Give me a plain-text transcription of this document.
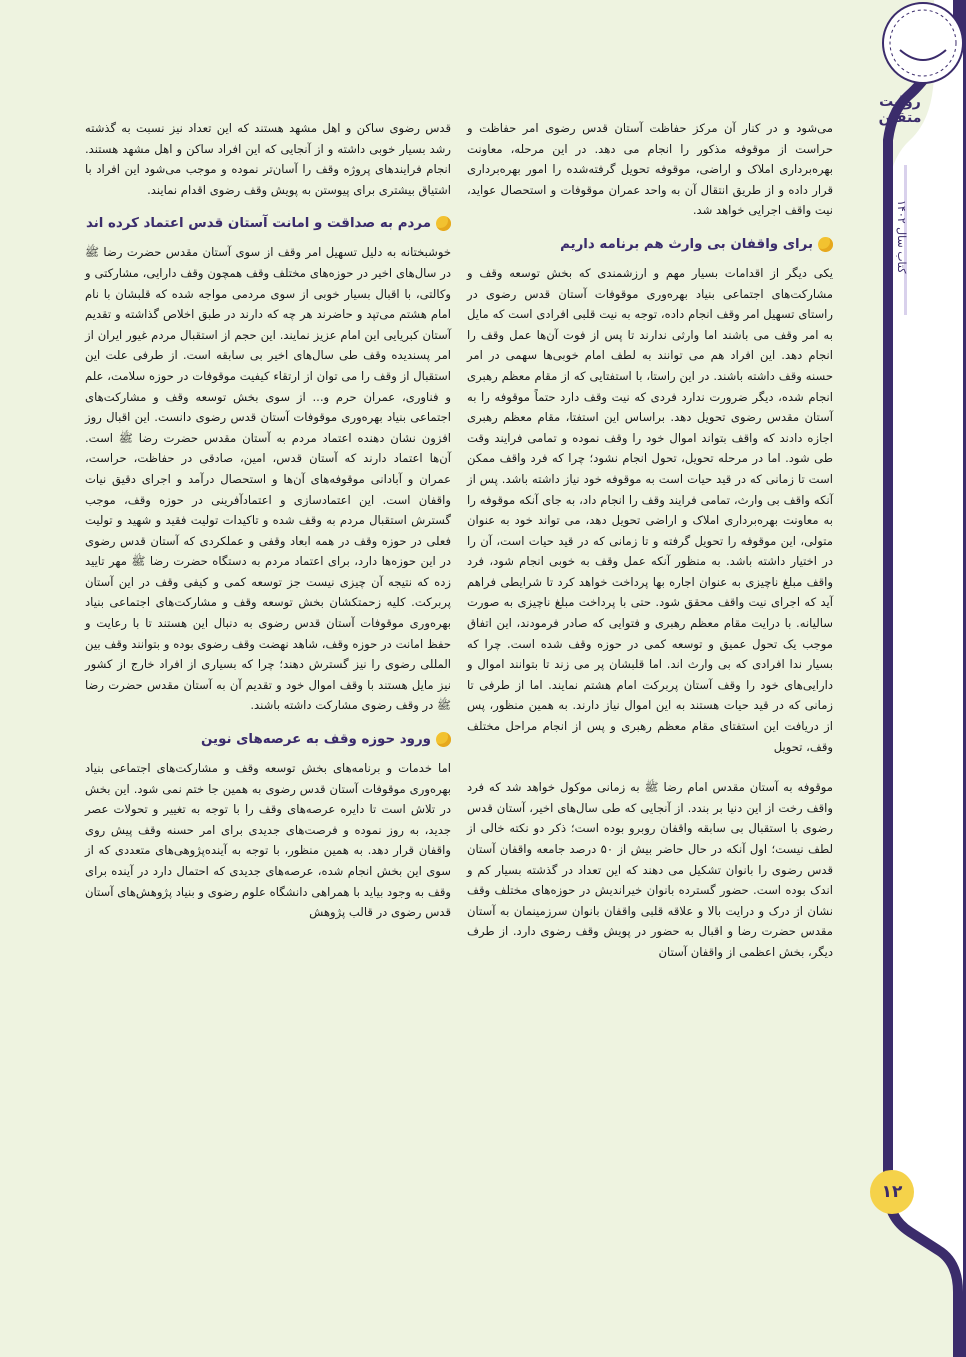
روایت متقین
کتاب سال ۱۴۰۲
۱۲

می‌شود و در کنار آن مرکز حفاظت آستان قدس رضوی امر حفاظت و حراست از موقوفه مذکور را انجام می دهد. در این مرحله، معاونت بهره‌برداری املاک و اراضی، موقوفه تحویل گرفته‌شده را امور بهره‌برداری قرار داده و از طریق انتقال آن به واحد عمران موقوفات و استحصال عواید، نیت واقف اجرایی خواهد شد.

برای واقفان بی وارث هم برنامه داریم

یکی دیگر از اقدامات بسیار مهم و ارزشمندی که بخش توسعه وقف و مشارکت‌های اجتماعی بنیاد بهره‌وری موقوفات آستان قدس رضوی در راستای تسهیل امر وقف انجام داده، توجه به نیت قلبی افرادی است که مایل به امر وقف می باشند اما وارثی ندارند تا پس از فوت آن‌ها عمل وقف را انجام دهد. این افراد هم می توانند به لطف امام خوبی‌ها سهمی در امر حسنه وقف داشته باشند. در این راستا، با استفتایی که از مقام معظم رهبری انجام شده، دیگر ضرورت ندارد فردی که نیت وقف دارد حتماً موقوفه را به آستان مقدس رضوی تحویل دهد. براساس این استفتا، مقام معظم رهبری اجازه دادند که واقف بتواند اموال خود را وقف نموده و تمامی فرایند وقت طی شود. اما در مرحله تحویل، تحول انجام نشود؛ چرا که فرد واقف ممکن است تا زمانی که در قید حیات است به موقوفه خود نیاز داشته باشد. پس از آنکه واقف بی وارث، تمامی فرایند وقف را انجام داد، به جای آنکه موقوفه را به معاونت بهره‌برداری املاک و اراضی تحویل دهد، می تواند خود به عنوان متولی، این موقوفه را تحویل گرفته و تا زمانی که در قید حیات است، آن را در اختیار داشته باشد. به منظور آنکه عمل وقف به خوبی انجام شود، فرد واقف مبلغ ناچیزی به عنوان اجاره بها پرداخت خواهد کرد تا شرایطی فراهم آید که اجرای نیت واقف محقق شود. حتی با پرداخت مبلغ ناچیزی به صورت سالیانه. با درایت مقام معظم رهبری و فتوایی که صادر فرمودند، این اتفاق موجب یک تحول عمیق و توسعه کمی در حوزه وقف شده است. چرا که بسیار ندا افرادی که بی وارث اند. اما قلبشان پر می زند تا بتوانند اموال و دارایی‌های خود را وقف آستان پربرکت امام هشتم نمایند. اما از طرفی تا زمانی که در قید حیات هستند به این اموال نیاز دارند. به همین منظور، پس از دریافت این استفتای مقام معظم رهبری و پس از انجام مراحل مختلف وقف، تحویل

موقوفه به آستان مقدس امام رضا ﷺ به زمانی موکول خواهد شد که فرد واقف رخت از این دنیا بر بندد. از آنجایی که طی سال‌های اخیر، آستان قدس رضوی با استقبال بی سابقه واقفان روبرو بوده است؛ ذکر دو نکته خالی از لطف نیست؛ اول آنکه در حال حاضر بیش از ۵۰ درصد جامعه واقفان آستان قدس رضوی را بانوان تشکیل می دهند که این تعداد در گذشته بسیار کم و اندک بوده است. حضور گسترده بانوان خیراندیش در حوزه‌های مختلف وقف نشان از درک و درایت بالا و علاقه قلبی واقفان بانوان سرزمینمان به آستان مقدس حضرت رضا و اقبال به حضور در پویش وقف رضوی دارد. از طرف دیگر، بخش اعظمی از واقفان آستان

قدس رضوی ساکن و اهل مشهد هستند که این تعداد نیز نسبت به گذشته رشد بسیار خوبی داشته و از آنجایی که این افراد ساکن و اهل مشهد هستند. انجام فرایندهای پروژه وقف را آسان‌تر نموده و موجب می‌شود این افراد با اشتیاق بیشتری برای پیوستن به پویش وقف رضوی اقدام نمایند.

مردم به صداقت و امانت آستان قدس اعتماد کرده اند

خوشبختانه به دلیل تسهیل امر وقف از سوی آستان مقدس حضرت رضا ﷺ در سال‌های اخیر در حوزه‌های مختلف وقف همچون وقف دارایی، مشارکتی و وکالتی، با اقبال بسیار خوبی از سوی مردمی مواجه شده که قلبشان با نام امام هشتم می‌تپد و حاضرند هر چه که دارند در طبق اخلاص گذاشته و تقدیم آستان کبریایی این امام عزیز نمایند. این حجم از استقبال مردم غیور ایران از امر پسندیده وقف طی سال‌های اخیر بی سابقه است. از طرفی علت این استقبال از وقف را می توان از ارتقاء کیفیت موقوفات در حوزه سلامت، علم و فناوری، عمران حرم و... از سوی بخش توسعه وقف و مشارکت‌های اجتماعی بنیاد بهره‌وری موقوفات آستان قدس رضوی دانست. این اقبال روز افزون نشان دهنده اعتماد مردم به آستان مقدس حضرت رضا ﷺ است. آن‌ها اعتماد دارند که آستان قدس، امین، صادقی در حفاظت، حراست، عمران و آبادانی موقوفه‌های آن‌ها و استحصال درآمد و اجرای دقیق نیات واقفان است. این اعتمادسازی و اعتمادآفرینی در حوزه وقف، موجب گسترش استقبال مردم به وقف شده و تاکیدات تولیت فقید و شهید و تولیت فعلی در حوزه وقف در همه ابعاد وقفی و عملکردی که آستان قدس رضوی در این حوزه‌ها دارد، برای اعتماد مردم به دستگاه حضرت رضا ﷺ مهر تایید زده که نتیجه آن چیزی نیست جز توسعه کمی و کیفی وقف در این آستان پربرکت. کلیه زحمتکشان بخش توسعه وقف و مشارکت‌های اجتماعی بنیاد بهره‌وری موقوفات آستان قدس رضوی به دنبال این هستند تا با رعایت و حفظ امانت در حوزه وقف، شاهد نهضت وقف رضوی بوده و بتوانند وقف بین المللی رضوی را نیز گسترش دهند؛ چرا که بسیاری از افراد خارج از کشور نیز مایل هستند با وقف اموال خود و تقدیم آن به آستان مقدس حضرت رضا ﷺ در وقف رضوی مشارکت داشته باشند.

ورود حوزه وقف به عرصه‌های نوین

اما خدمات و برنامه‌های بخش توسعه وقف و مشارکت‌های اجتماعی بنیاد بهره‌وری موقوفات آستان قدس رضوی به همین جا ختم نمی شود. این بخش در تلاش است تا دایره عرصه‌های وقف را با توجه به تغییر و تحولات عصر جدید، به روز نموده و فرصت‌های جدیدی برای امر حسنه وقف پیش روی واقفان قرار دهد. به همین منظور، با توجه به آینده‌پژوهی‌های متعددی که از سوی این بخش انجام شده، عرصه‌های جدیدی که احتمال دارد در آینده برای وقف به وجود بیاید با همراهی دانشگاه علوم رضوی و بنیاد پژوهش‌های آستان قدس رضوی در قالب پژوهش
